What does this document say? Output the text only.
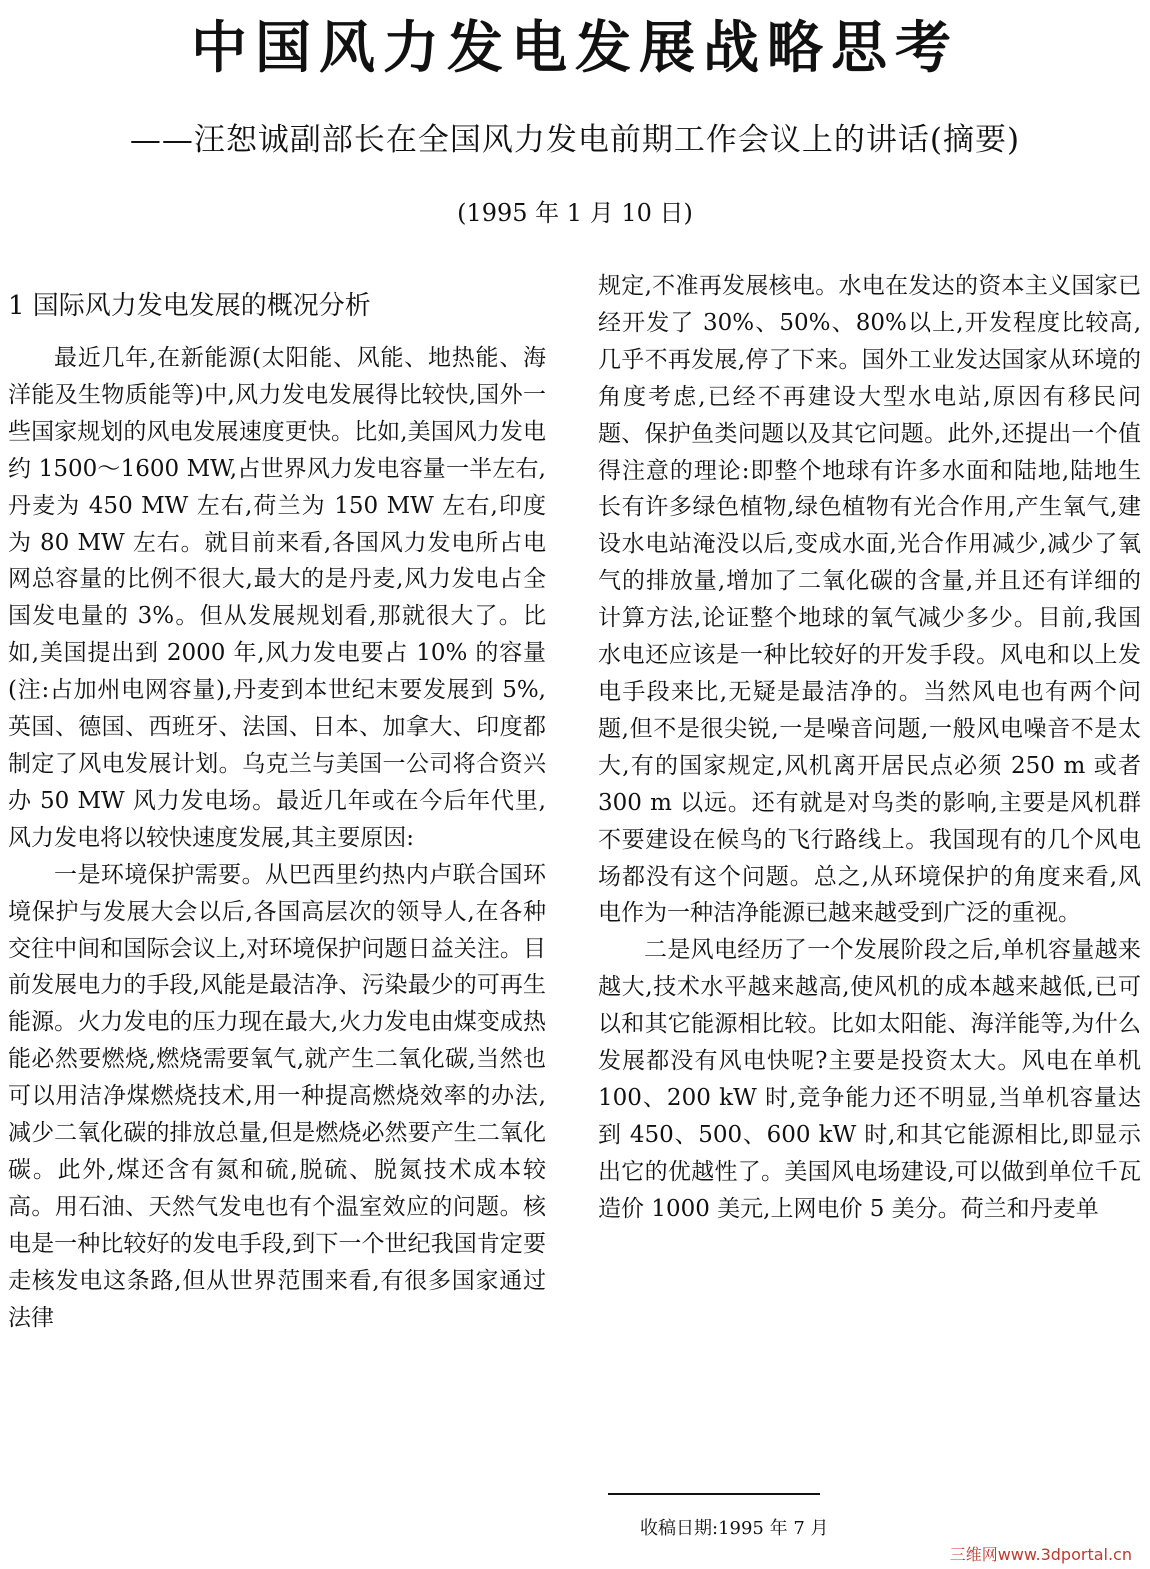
中国风力发电发展战略思考

——汪恕诚副部长在全国风力发电前期工作会议上的讲话(摘要)

(1995 年 1 月 10 日)

1 国际风力发电发展的概况分析

最近几年,在新能源(太阳能、风能、地热能、海洋能及生物质能等)中,风力发电发展得比较快,国外一些国家规划的风电发展速度更快。比如,美国风力发电约 1500～1600 MW,占世界风力发电容量一半左右,丹麦为 450 MW 左右,荷兰为 150 MW 左右,印度为 80 MW 左右。就目前来看,各国风力发电所占电网总容量的比例不很大,最大的是丹麦,风力发电占全国发电量的 3%。但从发展规划看,那就很大了。比如,美国提出到 2000 年,风力发电要占 10% 的容量(注:占加州电网容量),丹麦到本世纪末要发展到 5%,英国、德国、西班牙、法国、日本、加拿大、印度都制定了风电发展计划。乌克兰与美国一公司将合资兴办 50 MW 风力发电场。最近几年或在今后年代里,风力发电将以较快速度发展,其主要原因:

一是环境保护需要。从巴西里约热内卢联合国环境保护与发展大会以后,各国高层次的领导人,在各种交往中间和国际会议上,对环境保护问题日益关注。目前发展电力的手段,风能是最洁净、污染最少的可再生能源。火力发电的压力现在最大,火力发电由煤变成热能必然要燃烧,燃烧需要氧气,就产生二氧化碳,当然也可以用洁净煤燃烧技术,用一种提高燃烧效率的办法,减少二氧化碳的排放总量,但是燃烧必然要产生二氧化碳。此外,煤还含有氮和硫,脱硫、脱氮技术成本较高。用石油、天然气发电也有个温室效应的问题。核电是一种比较好的发电手段,到下一个世纪我国肯定要走核发电这条路,但从世界范围来看,有很多国家通过法律

规定,不准再发展核电。水电在发达的资本主义国家已经开发了 30%、50%、80%以上,开发程度比较高,几乎不再发展,停了下来。国外工业发达国家从环境的角度考虑,已经不再建设大型水电站,原因有移民问题、保护鱼类问题以及其它问题。此外,还提出一个值得注意的理论:即整个地球有许多水面和陆地,陆地生长有许多绿色植物,绿色植物有光合作用,产生氧气,建设水电站淹没以后,变成水面,光合作用减少,减少了氧气的排放量,增加了二氧化碳的含量,并且还有详细的计算方法,论证整个地球的氧气减少多少。目前,我国水电还应该是一种比较好的开发手段。风电和以上发电手段来比,无疑是最洁净的。当然风电也有两个问题,但不是很尖锐,一是噪音问题,一般风电噪音不是太大,有的国家规定,风机离开居民点必须 250 m 或者 300 m 以远。还有就是对鸟类的影响,主要是风机群不要建设在候鸟的飞行路线上。我国现有的几个风电场都没有这个问题。总之,从环境保护的角度来看,风电作为一种洁净能源已越来越受到广泛的重视。

二是风电经历了一个发展阶段之后,单机容量越来越大,技术水平越来越高,使风机的成本越来越低,已可以和其它能源相比较。比如太阳能、海洋能等,为什么发展都没有风电快呢?主要是投资太大。风电在单机 100、200 kW 时,竞争能力还不明显,当单机容量达到 450、500、600 kW 时,和其它能源相比,即显示出它的优越性了。美国风电场建设,可以做到单位千瓦造价 1000 美元,上网电价 5 美分。荷兰和丹麦单

收稿日期:1995 年 7 月

三维网www.3dportal.cn
